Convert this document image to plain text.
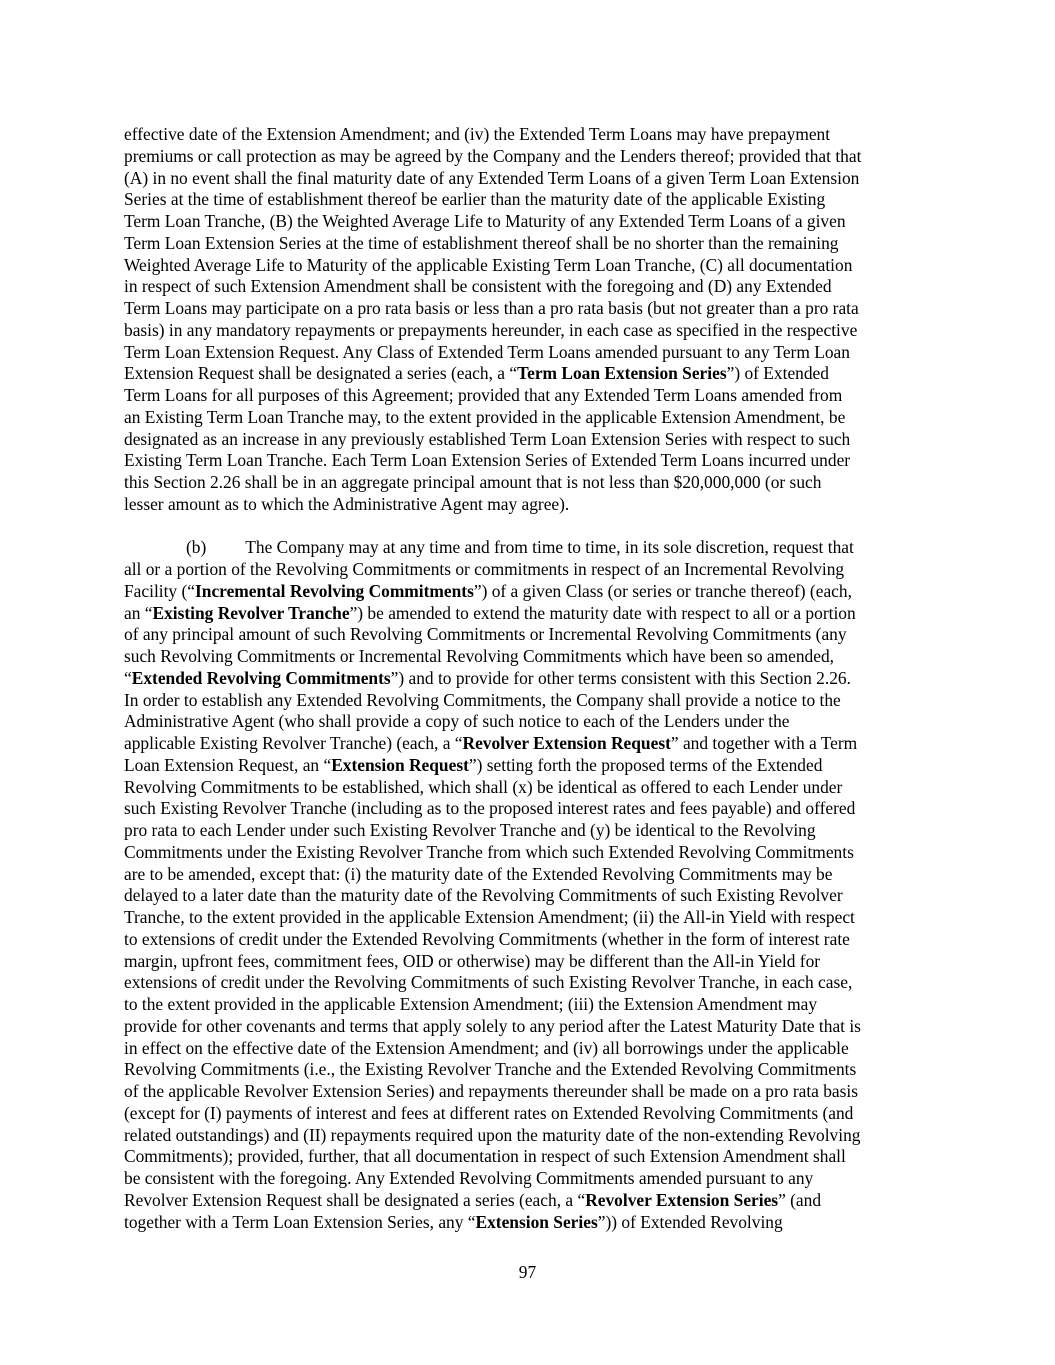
effective date of the Extension Amendment; and (iv) the Extended Term Loans may have prepayment
premiums or call protection as may be agreed by the Company and the Lenders thereof; provided that that
(A) in no event shall the final maturity date of any Extended Term Loans of a given Term Loan Extension
Series at the time of establishment thereof be earlier than the maturity date of the applicable Existing
Term Loan Tranche, (B) the Weighted Average Life to Maturity of any Extended Term Loans of a given
Term Loan Extension Series at the time of establishment thereof shall be no shorter than the remaining
Weighted Average Life to Maturity of the applicable Existing Term Loan Tranche, (C) all documentation
in respect of such Extension Amendment shall be consistent with the foregoing and (D) any Extended
Term Loans may participate on a pro rata basis or less than a pro rata basis (but not greater than a pro rata
basis) in any mandatory repayments or prepayments hereunder, in each case as specified in the respective
Term Loan Extension Request. Any Class of Extended Term Loans amended pursuant to any Term Loan
Extension Request shall be designated a series (each, a “Term Loan Extension Series”) of Extended
Term Loans for all purposes of this Agreement; provided that any Extended Term Loans amended from
an Existing Term Loan Tranche may, to the extent provided in the applicable Extension Amendment, be
designated as an increase in any previously established Term Loan Extension Series with respect to such
Existing Term Loan Tranche. Each Term Loan Extension Series of Extended Term Loans incurred under
this Section 2.26 shall be in an aggregate principal amount that is not less than $20,000,000 (or such
lesser amount as to which the Administrative Agent may agree).
(b) The Company may at any time and from time to time, in its sole discretion, request that
all or a portion of the Revolving Commitments or commitments in respect of an Incremental Revolving
Facility (“Incremental Revolving Commitments”) of a given Class (or series or tranche thereof) (each,
an “Existing Revolver Tranche”) be amended to extend the maturity date with respect to all or a portion
of any principal amount of such Revolving Commitments or Incremental Revolving Commitments (any
such Revolving Commitments or Incremental Revolving Commitments which have been so amended,
“Extended Revolving Commitments”) and to provide for other terms consistent with this Section 2.26.
In order to establish any Extended Revolving Commitments, the Company shall provide a notice to the
Administrative Agent (who shall provide a copy of such notice to each of the Lenders under the
applicable Existing Revolver Tranche) (each, a “Revolver Extension Request” and together with a Term
Loan Extension Request, an “Extension Request”) setting forth the proposed terms of the Extended
Revolving Commitments to be established, which shall (x) be identical as offered to each Lender under
such Existing Revolver Tranche (including as to the proposed interest rates and fees payable) and offered
pro rata to each Lender under such Existing Revolver Tranche and (y) be identical to the Revolving
Commitments under the Existing Revolver Tranche from which such Extended Revolving Commitments
are to be amended, except that: (i) the maturity date of the Extended Revolving Commitments may be
delayed to a later date than the maturity date of the Revolving Commitments of such Existing Revolver
Tranche, to the extent provided in the applicable Extension Amendment; (ii) the All-in Yield with respect
to extensions of credit under the Extended Revolving Commitments (whether in the form of interest rate
margin, upfront fees, commitment fees, OID or otherwise) may be different than the All-in Yield for
extensions of credit under the Revolving Commitments of such Existing Revolver Tranche, in each case,
to the extent provided in the applicable Extension Amendment; (iii) the Extension Amendment may
provide for other covenants and terms that apply solely to any period after the Latest Maturity Date that is
in effect on the effective date of the Extension Amendment; and (iv) all borrowings under the applicable
Revolving Commitments (i.e., the Existing Revolver Tranche and the Extended Revolving Commitments
of the applicable Revolver Extension Series) and repayments thereunder shall be made on a pro rata basis
(except for (I) payments of interest and fees at different rates on Extended Revolving Commitments (and
related outstandings) and (II) repayments required upon the maturity date of the non-extending Revolving
Commitments); provided, further, that all documentation in respect of such Extension Amendment shall
be consistent with the foregoing. Any Extended Revolving Commitments amended pursuant to any
Revolver Extension Request shall be designated a series (each, a “Revolver Extension Series” (and
together with a Term Loan Extension Series, any “Extension Series”)) of Extended Revolving
97
